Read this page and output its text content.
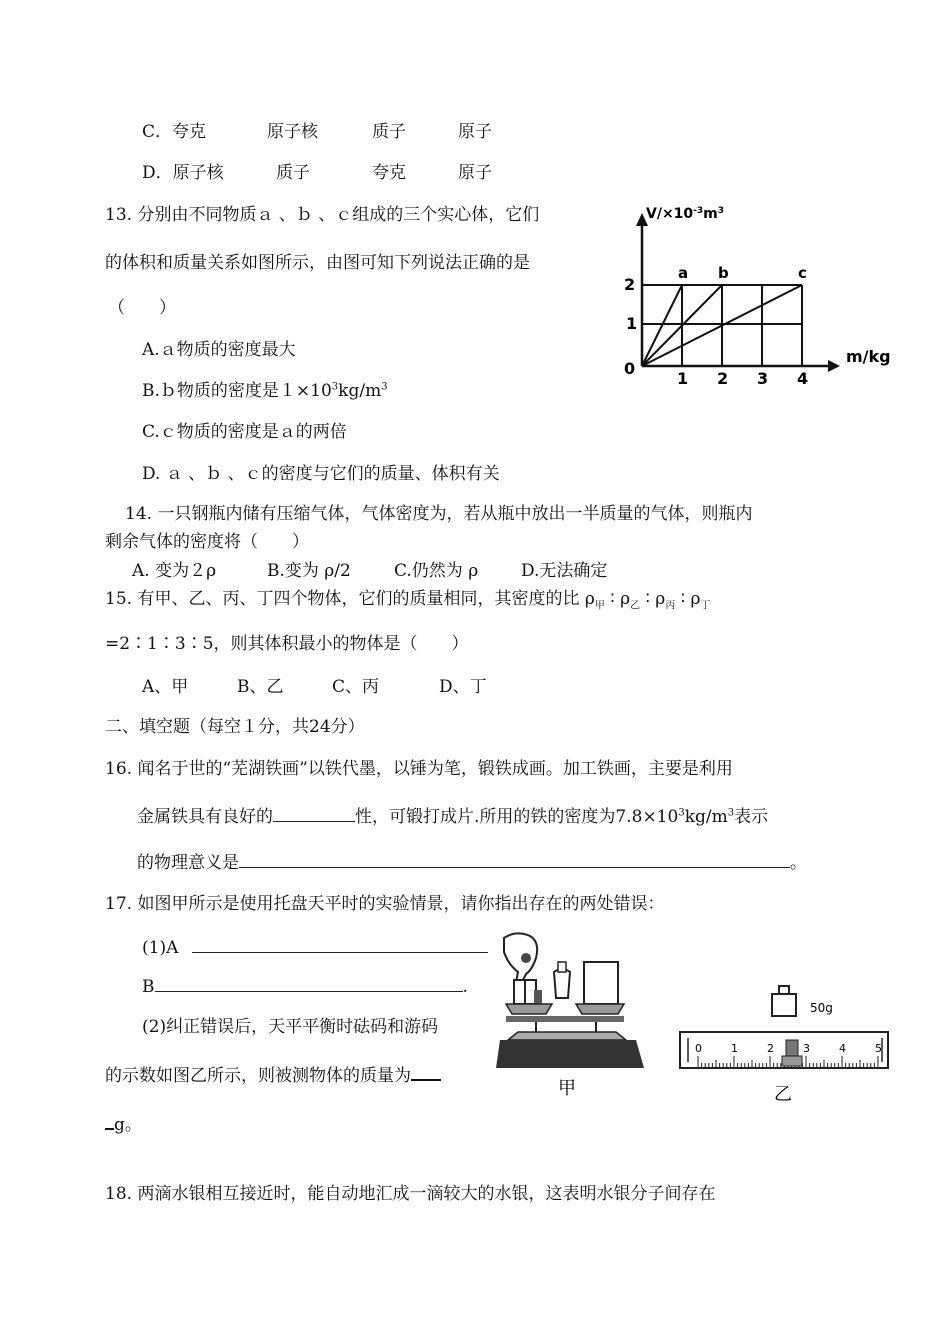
C．夸克	原子核	质子	原子
D．原子核	质子	夸克	原子
13. 分别由不同物质ａ 、ｂ 、ｃ组成的三个实心体，它们
的体积和质量关系如图所示，由图可知下列说法正确的是
（　　）
A.ａ物质的密度最大
B.ｂ物质的密度是$1\times 10^3kg/m^3$
C.ｃ物质的密度是ａ的两倍
D. ａ 、ｂ 、ｃ的密度与它们的质量、体积有关
$V/\times 10^{-3}m^3$
m/kg
0
1 2 3 4
1
2
a b	c
14. 一只钢瓶内储有压缩气体，气体密度为，若从瓶中放出一半质量的气体，则瓶内
剩余气体的密度将（　　）
A. 变为２ρ	B.变为 ρ/2	C.仍然为 ρ	D.无法确定
15. 有甲、乙、丙、丁四个物体，它们的质量相同，其密度的比 $\rho_甲$ ∶ $\rho_乙$ ∶ $\rho_丙$ ∶ $\rho_丁$
=2∶1∶3∶5，则其体积最小的物体是（　　）
A、甲	B、乙	C、丙	D、丁
二、填空题（每空１分，共24分）
16. 闻名于世的“芜湖铁画”以铁代墨，以锤为笔，锻铁成画。加工铁画，主要是利用
金属铁具有良好的	性，可锻打成片.所用的铁的密度为$7.8\times 10^3kg/m^3$表示
的物理意义是	。
17. 如图甲所示是使用托盘天平时的实验情景，请你指出存在的两处错误：
(1)A
B	.
(2)纠正错误后，天平平衡时砝码和游码
的示数如图乙所示，则被测物体的质量为
g。
甲
50g
0	1	2	3	4	5
乙
18. 两滴水银相互接近时，能自动地汇成一滴较大的水银，这表明水银分子间存在
